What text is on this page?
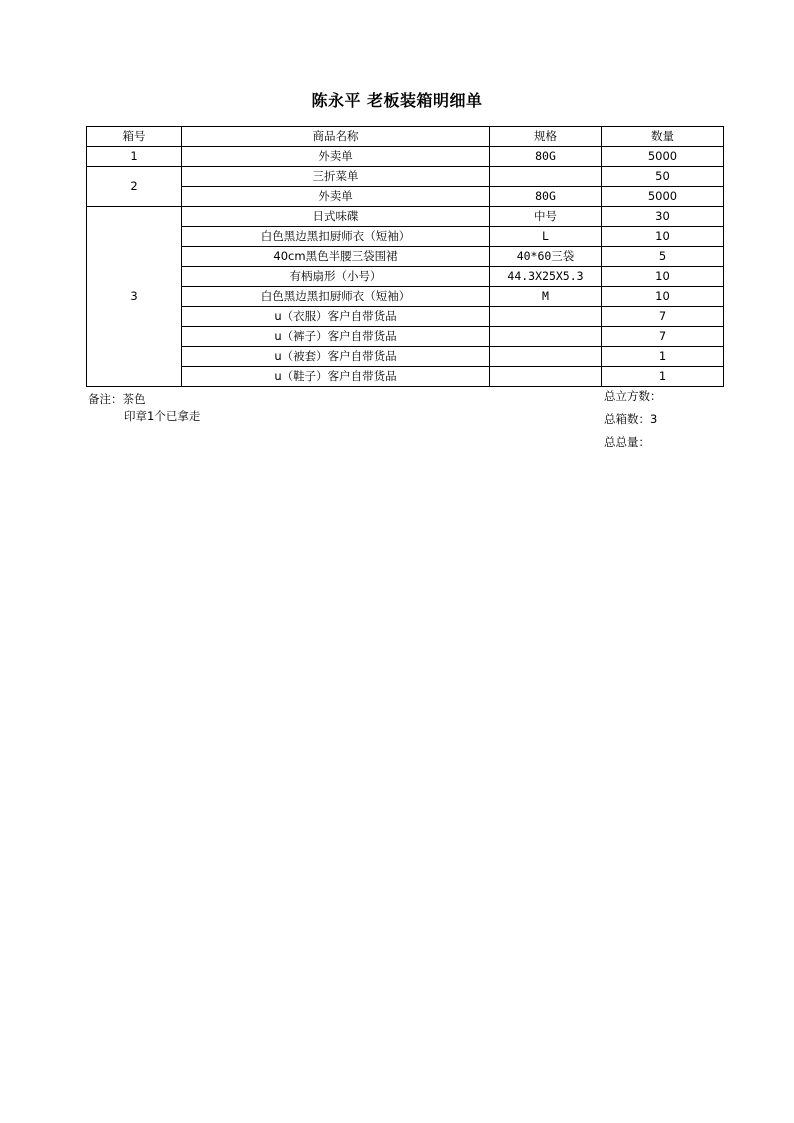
陈永平 老板装箱明细单
箱号	商品名称	规格	数量
1	外卖单	80G	5000
2	三折菜单		50
	外卖单	80G	5000
3	日式味碟	中号	30
	白色黑边黑扣厨师衣（短袖）	L	10
	40cm黑色半腰三袋围裙	40*60三袋	5
	有柄扇形（小号）	44.3X25X5.3	10
	白色黑边黑扣厨师衣（短袖）	M	10
	u（衣服）客户自带货品		7
	u（裤子）客户自带货品		7
	u（被套）客户自带货品		1
	u（鞋子）客户自带货品		1
备注：茶色
印章1个已拿走
总立方数：
总箱数：3
总总量：
